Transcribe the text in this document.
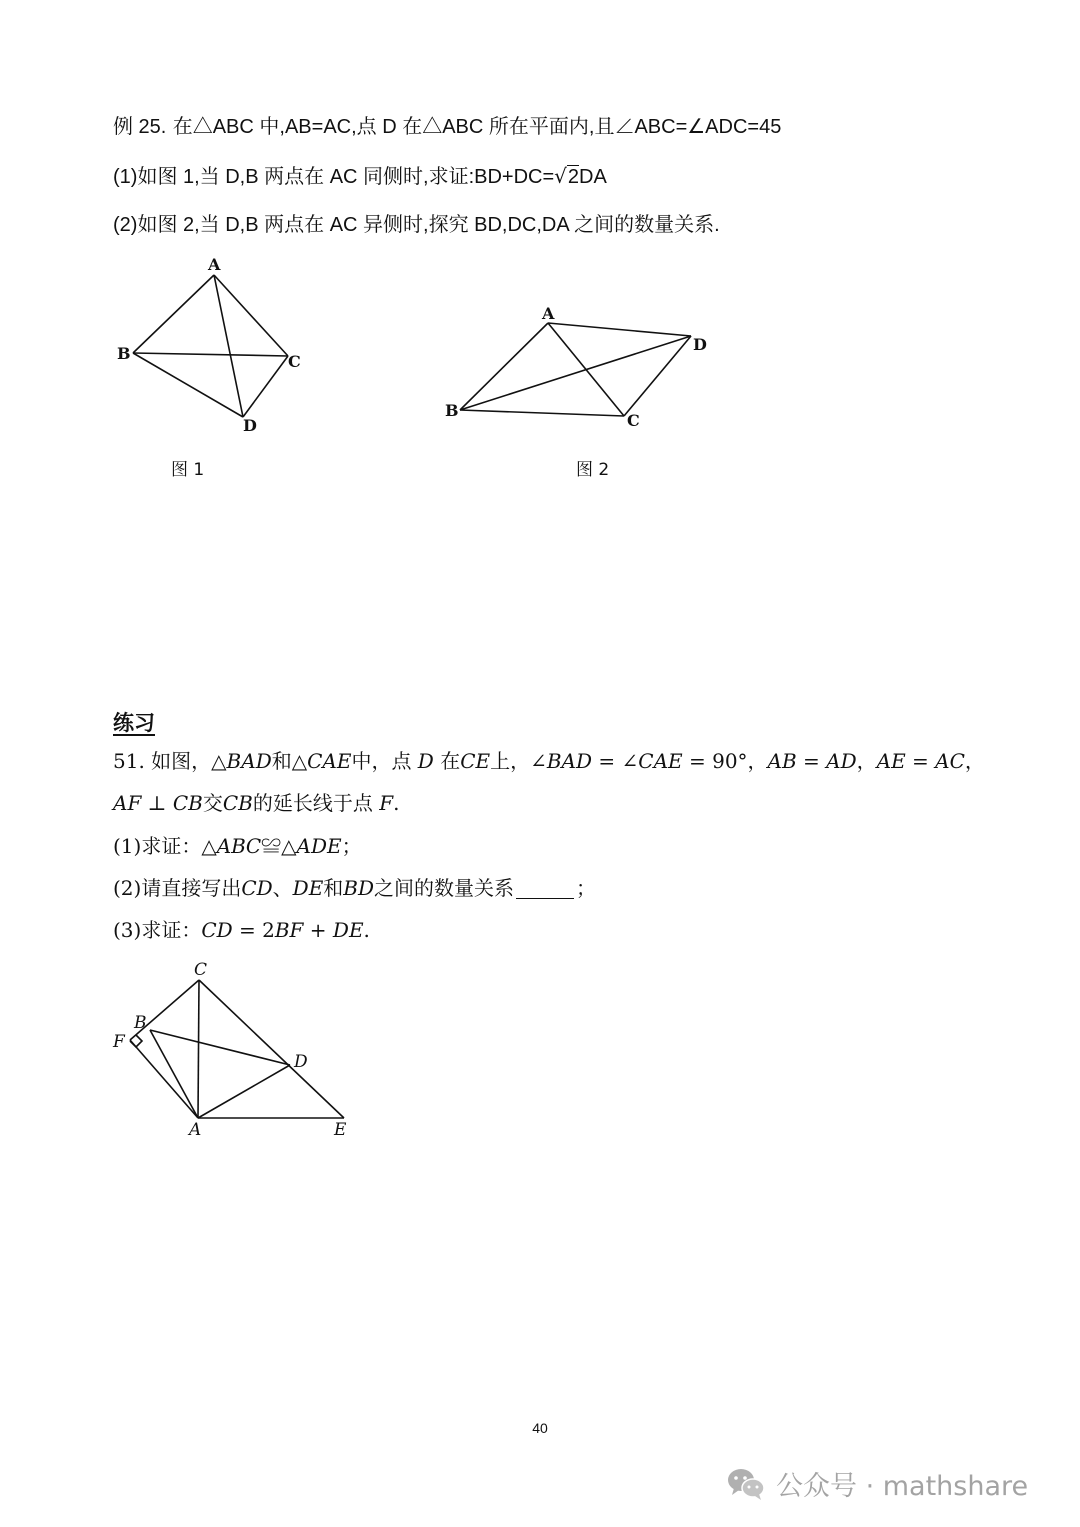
例 25. 在△ABC 中,AB=AC,点 D 在△ABC 所在平面内,且∠ABC=∠ADC=45
(1)如图 1,当 D,B 两点在 AC 同侧时,求证:BD+DC=√2DA
(2)如图 2,当 D,B 两点在 AC 异侧时,探究 BD,DC,DA 之间的数量关系.
A
B	C
D
图 1
A
B
C
D
图 2
练习
51. 如图，△𝐵𝐴𝐷和△𝐶𝐴𝐸中，点 𝐷 在𝐶𝐸上，∠𝐵𝐴𝐷 = ∠𝐶𝐴𝐸 = 90°，𝐴𝐵 = 𝐴𝐷，𝐴𝐸 = 𝐴𝐶，
𝐴𝐹 ⊥ 𝐶𝐵交𝐶𝐵的延长线于点 𝐹.
(1)求证：△𝐴𝐵𝐶≌△𝐴𝐷𝐸；
(2)请直接写出𝐶𝐷、𝐷𝐸和𝐵𝐷之间的数量关系	；
(3)求证：𝐶𝐷 = 2𝐵𝐹 + 𝐷𝐸.
C
B
F
D
A	E
40
公众号 · mathshare
